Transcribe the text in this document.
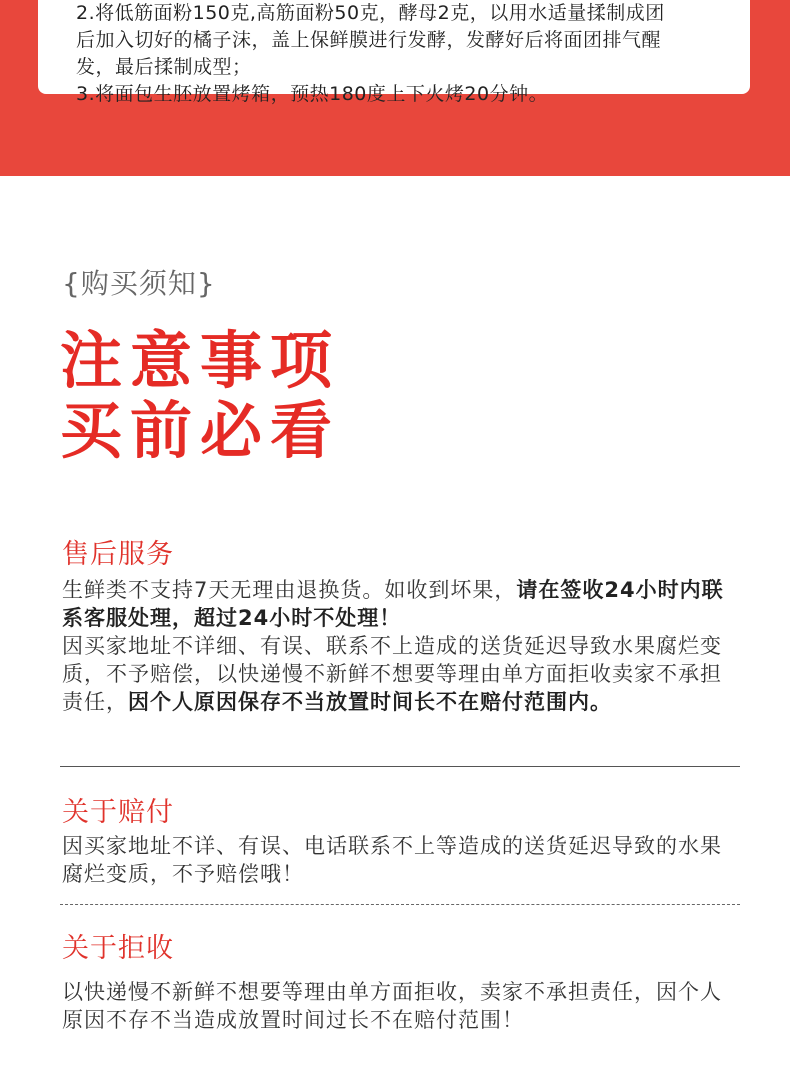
2.将低筋面粉150克,高筋面粉50克，酵母2克，以用水适量揉制成团

后加入切好的橘子沫，盖上保鲜膜进行发酵，发酵好后将面团排气醒

发，最后揉制成型；

3.将面包生胚放置烤箱，预热180度上下火烤20分钟。

{购买须知}
注意事项
买前必看
售后服务

生鲜类不支持7天无理由退换货。如收到坏果，请在签收24小时内联系客服处理，超过24小时不处理！

因买家地址不详细、有误、联系不上造成的送货延迟导致水果腐烂变质，不予赔偿，以快递慢不新鲜不想要等理由单方面拒收卖家不承担责任，因个人原因保存不当放置时间长不在赔付范围内。

关于赔付

因买家地址不详、有误、电话联系不上等造成的送货延迟导致的水果腐烂变质，不予赔偿哦！

关于拒收

以快递慢不新鲜不想要等理由单方面拒收，卖家不承担责任，因个人原因不存不当造成放置时间过长不在赔付范围！
